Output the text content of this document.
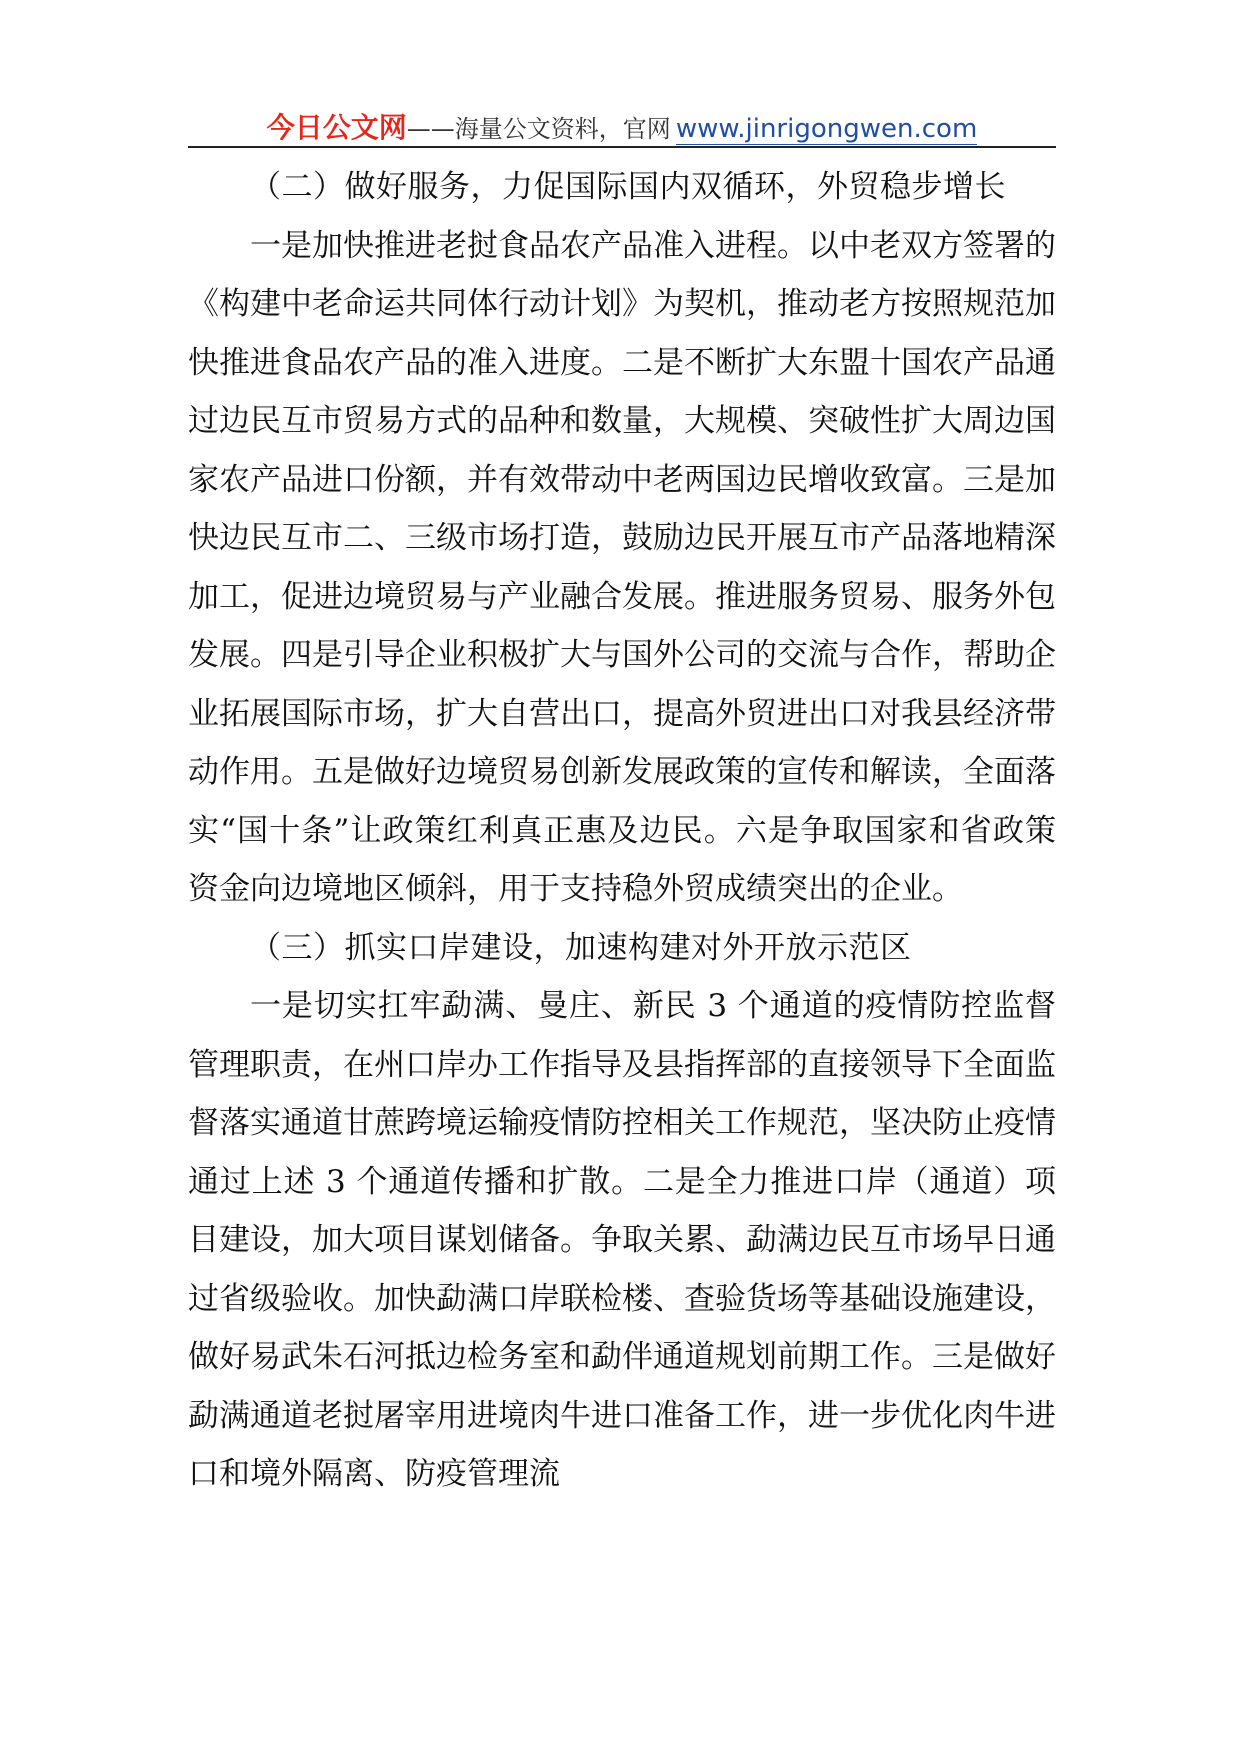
今日公文网——海量公文资料，官网 www.jinrigongwen.com

（二）做好服务，力促国际国内双循环，外贸稳步增长

一是加快推进老挝食品农产品准入进程。以中老双方签署的《构建中老命运共同体行动计划》为契机，推动老方按照规范加快推进食品农产品的准入进度。二是不断扩大东盟十国农产品通过边民互市贸易方式的品种和数量，大规模、突破性扩大周边国家农产品进口份额，并有效带动中老两国边民增收致富。三是加快边民互市二、三级市场打造，鼓励边民开展互市产品落地精深加工，促进边境贸易与产业融合发展。推进服务贸易、服务外包发展。四是引导企业积极扩大与国外公司的交流与合作，帮助企业拓展国际市场，扩大自营出口，提高外贸进出口对我县经济带动作用。五是做好边境贸易创新发展政策的宣传和解读，全面落实“国十条”让政策红利真正惠及边民。六是争取国家和省政策资金向边境地区倾斜，用于支持稳外贸成绩突出的企业。

（三）抓实口岸建设，加速构建对外开放示范区

一是切实扛牢勐满、曼庄、新民 3 个通道的疫情防控监督管理职责，在州口岸办工作指导及县指挥部的直接领导下全面监督落实通道甘蔗跨境运输疫情防控相关工作规范，坚决防止疫情通过上述 3 个通道传播和扩散。二是全力推进口岸（通道）项目建设，加大项目谋划储备。争取关累、勐满边民互市场早日通过省级验收。加快勐满口岸联检楼、查验货场等基础设施建设，做好易武朱石河抵边检务室和勐伴通道规划前期工作。三是做好勐满通道老挝屠宰用进境肉牛进口准备工作，进一步优化肉牛进口和境外隔离、防疫管理流
